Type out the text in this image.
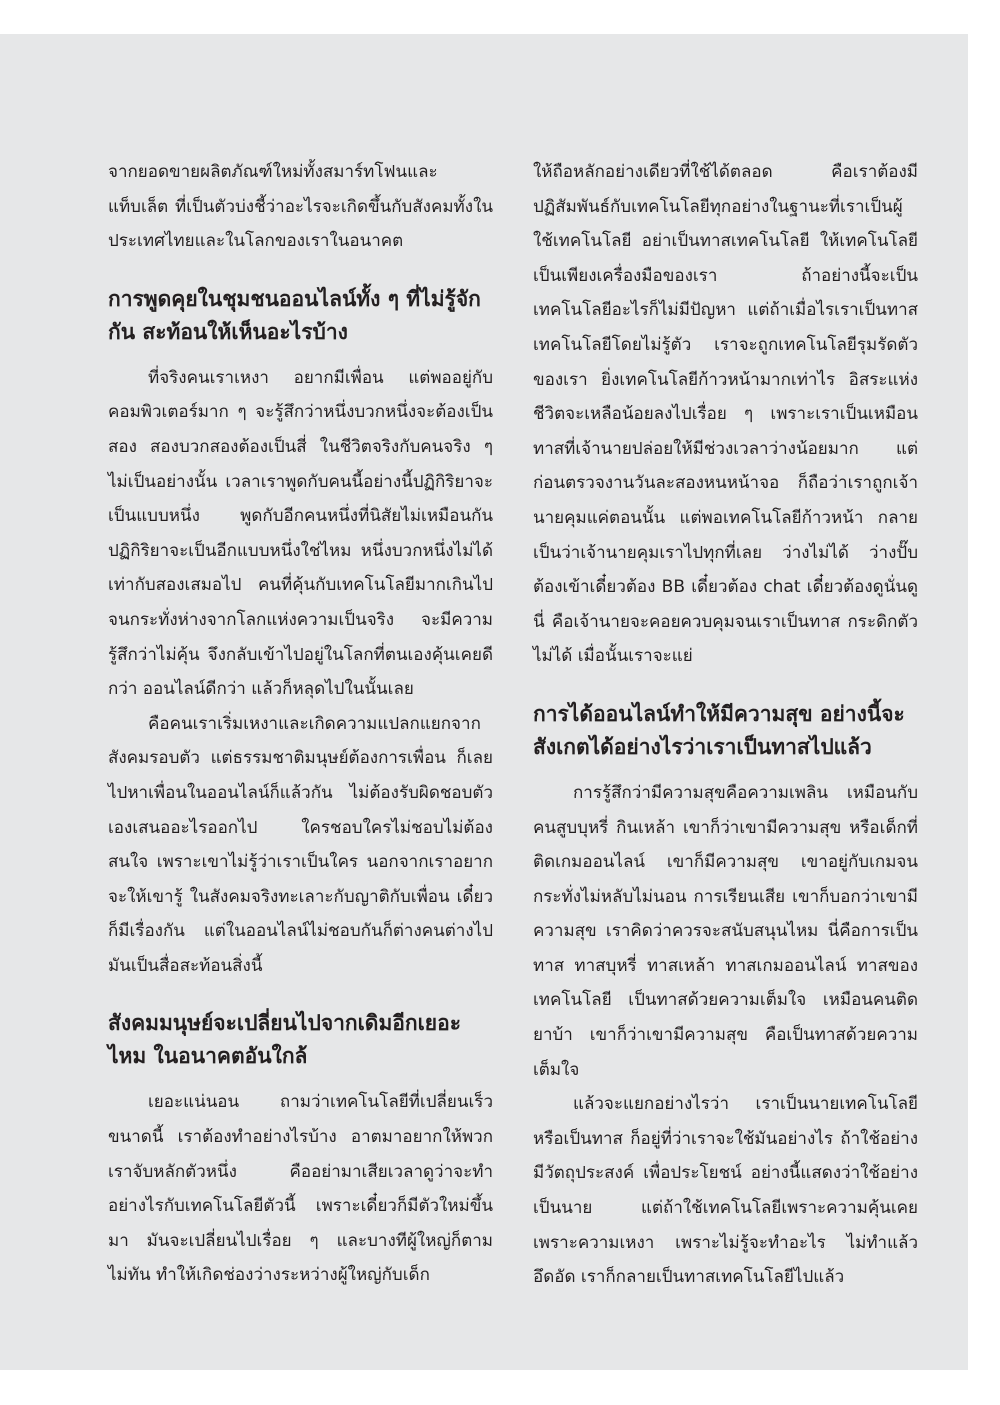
จากยอดขายผลิตภัณฑ์ใหม่ทั้งสมาร์ทโฟนและแท็บเล็ต ที่เป็นตัวบ่งชี้ว่าอะไรจะเกิดขึ้นกับสังคมทั้งในประเทศไทยและในโลกของเราในอนาคต

การพูดคุยในชุมชนออนไลน์ทั้ง ๆ ที่ไม่รู้จักกัน สะท้อนให้เห็นอะไรบ้าง

ที่จริงคนเราเหงา อยากมีเพื่อน แต่พออยู่กับคอมพิวเตอร์มาก ๆ จะรู้สึกว่าหนึ่งบวกหนึ่งจะต้องเป็นสอง สองบวกสองต้องเป็นสี่ ในชีวิตจริงกับคนจริง ๆ ไม่เป็นอย่างนั้น เวลาเราพูดกับคนนี้อย่างนี้ปฏิกิริยาจะเป็นแบบหนึ่ง พูดกับอีกคนหนึ่งที่นิสัยไม่เหมือนกัน ปฏิกิริยาจะเป็นอีกแบบหนึ่งใช่ไหม หนึ่งบวกหนึ่งไม่ได้เท่ากับสองเสมอไป คนที่คุ้นกับเทคโนโลยีมากเกินไปจนกระทั่งห่างจากโลกแห่งความเป็นจริง จะมีความรู้สึกว่าไม่คุ้น จึงกลับเข้าไปอยู่ในโลกที่ตนเองคุ้นเคยดีกว่า ออนไลน์ดีกว่า แล้วก็หลุดไปในนั้นเลย

คือคนเราเริ่มเหงาและเกิดความแปลกแยกจากสังคมรอบตัว แต่ธรรมชาติมนุษย์ต้องการเพื่อน ก็เลยไปหาเพื่อนในออนไลน์ก็แล้วกัน ไม่ต้องรับผิดชอบตัวเองเสนออะไรออกไป ใครชอบใครไม่ชอบไม่ต้องสนใจ เพราะเขาไม่รู้ว่าเราเป็นใคร นอกจากเราอยากจะให้เขารู้ ในสังคมจริงทะเลาะกับญาติกับเพื่อน เดี๋ยวก็มีเรื่องกัน แต่ในออนไลน์ไม่ชอบกันก็ต่างคนต่างไป มันเป็นสื่อสะท้อนสิ่งนี้

สังคมมนุษย์จะเปลี่ยนไปจากเดิมอีกเยอะไหม ในอนาคตอันใกล้

เยอะแน่นอน ถามว่าเทคโนโลยีที่เปลี่ยนเร็วขนาดนี้ เราต้องทำอย่างไรบ้าง อาตมาอยากให้พวกเราจับหลักตัวหนึ่ง คืออย่ามาเสียเวลาดูว่าจะทำอย่างไรกับเทคโนโลยีตัวนี้ เพราะเดี๋ยวก็มีตัวใหม่ขึ้นมา มันจะเปลี่ยนไปเรื่อย ๆ และบางทีผู้ใหญ่ก็ตามไม่ทัน ทำให้เกิดช่องว่างระหว่างผู้ใหญ่กับเด็ก

ให้ถือหลักอย่างเดียวที่ใช้ได้ตลอด คือเราต้องมีปฏิสัมพันธ์กับเทคโนโลยีทุกอย่างในฐานะที่เราเป็นผู้ใช้เทคโนโลยี อย่าเป็นทาสเทคโนโลยี ให้เทคโนโลยีเป็นเพียงเครื่องมือของเรา ถ้าอย่างนี้จะเป็นเทคโนโลยีอะไรก็ไม่มีปัญหา แต่ถ้าเมื่อไรเราเป็นทาสเทคโนโลยีโดยไม่รู้ตัว เราจะถูกเทคโนโลยีรุมรัดตัวของเรา ยิ่งเทคโนโลยีก้าวหน้ามากเท่าไร อิสระแห่งชีวิตจะเหลือน้อยลงไปเรื่อย ๆ เพราะเราเป็นเหมือนทาสที่เจ้านายปล่อยให้มีช่วงเวลาว่างน้อยมาก แต่ก่อนตรวจงานวันละสองหนหน้าจอ ก็ถือว่าเราถูกเจ้านายคุมแค่ตอนนั้น แต่พอเทคโนโลยีก้าวหน้า กลายเป็นว่าเจ้านายคุมเราไปทุกที่เลย ว่างไม่ได้ ว่างปั๊บต้องเข้าเดี๋ยวต้อง BB เดี๋ยวต้อง chat เดี๋ยวต้องดูนั่นดูนี่ คือเจ้านายจะคอยควบคุมจนเราเป็นทาส กระดิกตัวไม่ได้ เมื่อนั้นเราจะแย่

การได้ออนไลน์ทำให้มีความสุข อย่างนี้จะสังเกตได้อย่างไรว่าเราเป็นทาสไปแล้ว

การรู้สึกว่ามีความสุขคือความเพลิน เหมือนกับคนสูบบุหรี่ กินเหล้า เขาก็ว่าเขามีความสุข หรือเด็กที่ติดเกมออนไลน์ เขาก็มีความสุข เขาอยู่กับเกมจนกระทั่งไม่หลับไม่นอน การเรียนเสีย เขาก็บอกว่าเขามีความสุข เราคิดว่าควรจะสนับสนุนไหม นี่คือการเป็นทาส ทาสบุหรี่ ทาสเหล้า ทาสเกมออนไลน์ ทาสของเทคโนโลยี เป็นทาสด้วยความเต็มใจ เหมือนคนติดยาบ้า เขาก็ว่าเขามีความสุข คือเป็นทาสด้วยความเต็มใจ

แล้วจะแยกอย่างไรว่า เราเป็นนายเทคโนโลยีหรือเป็นทาส ก็อยู่ที่ว่าเราจะใช้มันอย่างไร ถ้าใช้อย่างมีวัตถุประสงค์ เพื่อประโยชน์ อย่างนี้แสดงว่าใช้อย่างเป็นนาย แต่ถ้าใช้เทคโนโลยีเพราะความคุ้นเคย เพราะความเหงา เพราะไม่รู้จะทำอะไร ไม่ทำแล้วอึดอัด เราก็กลายเป็นทาสเทคโนโลยีไปแล้ว
